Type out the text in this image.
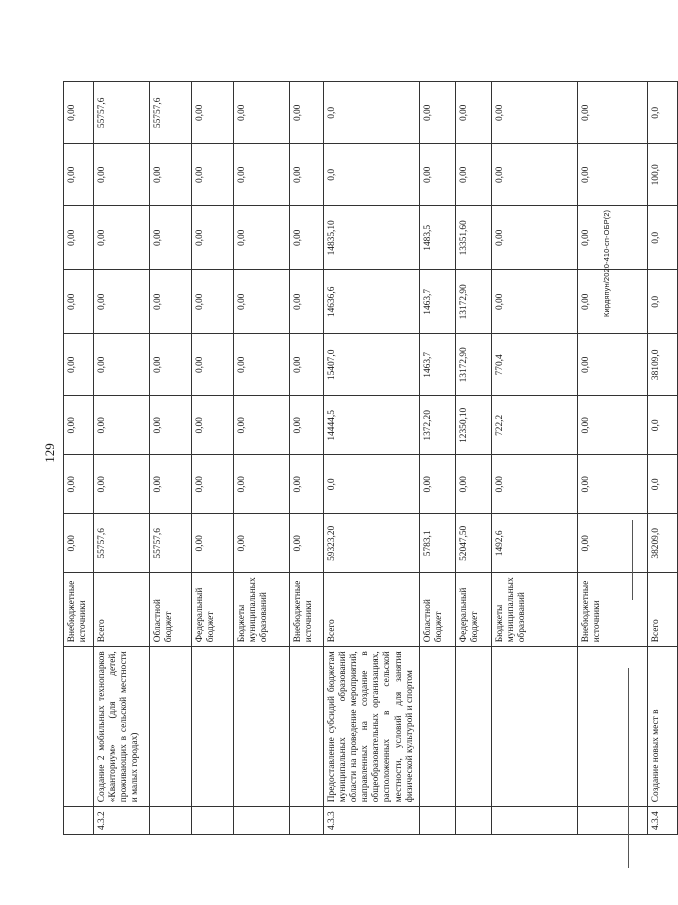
129
		Внебюджетные источники	0,00	0,00	0,00	0,00	0,00	0,00	0,00	0,00
4.3.2	Создание 2 мобильных технопарков «Кванториум» (для детей, проживающих в сельской местности и малых городах)	Всего	55757,6	0,00	0,00	0,00	0,00	0,00	0,00	55757,6
		Областной бюджет	55757,6	0,00	0,00	0,00	0,00	0,00	0,00	55757,6
		Федеральный бюджет	0,00	0,00	0,00	0,00	0,00	0,00	0,00	0,00
		Бюджеты муниципальных образований	0,00	0,00	0,00	0,00	0,00	0,00	0,00	0,00
		Внебюджетные источники	0,00	0,00	0,00	0,00	0,00	0,00	0,00	0,00
4.3.3	Предоставление субсидий бюджетам муниципальных образований области на проведение мероприятий, направленных на создание в общеобразовательных организациях, расположенных в сельской местности, условий для занятия физической культурой и спортом	Всего	59323,20	0,0	14444,5	15407,0	14636,6	14835,10	0,0	0,0
		Областной бюджет	5783,1	0,00	1372,20	1463,7	1463,7	1483,5	0,00	0,00
		Федеральный бюджет	52047,50	0,00	12350,10	13172,90	13172,90	13351,60	0,00	0,00
		Бюджеты муниципальных образований	1492,6	0,00	722,2	770,4	0,00	0,00	0,00	0,00
		Внебюджетные источники	0,00	0,00	0,00	0,00	0,00	0,00	0,00	0,00
4.3.4	Создание новых мест в	Всего	38209,0	0,0	0,0	38109,0	0,0	0,0	100,0	0,0
Кирдяпун/2020-410-сп-ОБР(2)
